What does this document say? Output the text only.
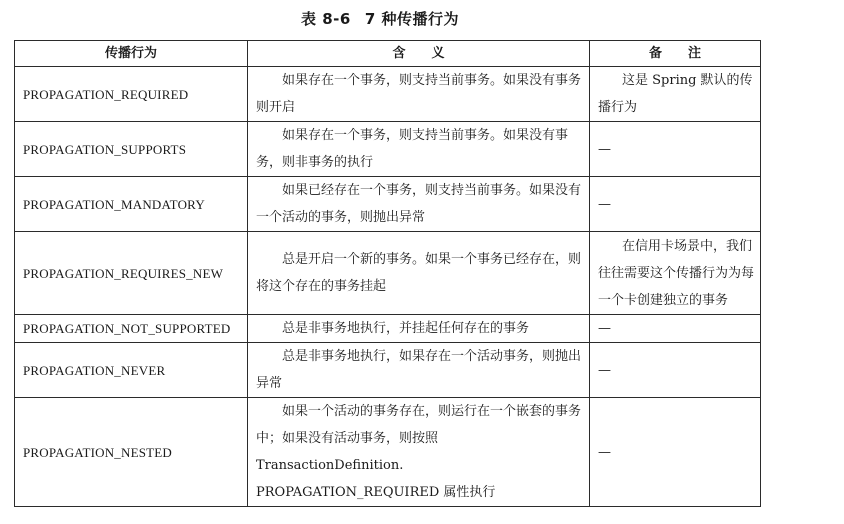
表 8-6 7 种传播行为
传播行为	含　　义	备　　注
PROPAGATION_REQUIRED	如果存在一个事务，则支持当前事务。如果没有事务则开启	这是 Spring 默认的传播行为
PROPAGATION_SUPPORTS	如果存在一个事务，则支持当前事务。如果没有事务，则非事务的执行	—
PROPAGATION_MANDATORY	如果已经存在一个事务，则支持当前事务。如果没有一个活动的事务，则抛出异常	—
PROPAGATION_REQUIRES_NEW	总是开启一个新的事务。如果一个事务已经存在，则将这个存在的事务挂起	在信用卡场景中，我们往往需要这个传播行为为每一个卡创建独立的事务
PROPAGATION_NOT_SUPPORTED	总是非事务地执行，并挂起任何存在的事务	—
PROPAGATION_NEVER	总是非事务地执行，如果存在一个活动事务，则抛出异常	—
PROPAGATION_NESTED	如果一个活动的事务存在，则运行在一个嵌套的事务中；如果没有活动事务，则按照 TransactionDefinition. PROPAGATION_REQUIRED 属性执行	—
